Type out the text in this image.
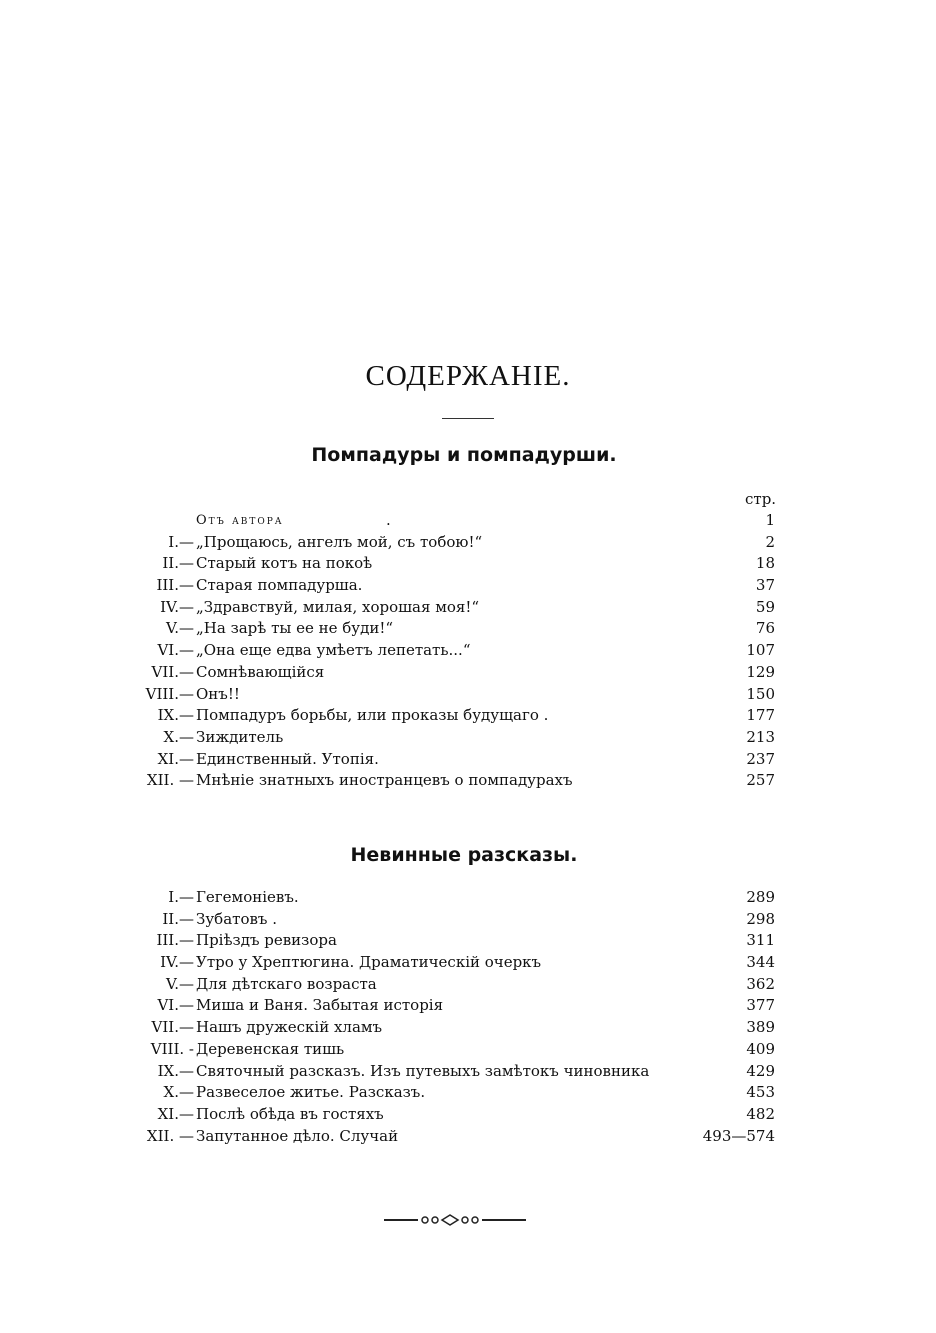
СОДЕРЖАНІЕ.
Помпадуры и помпадурши.
стр.
Отъ автора	.	1
I.— „Прощаюсь, ангелъ мой, съ тобою!“	2
II.— Старый котъ на покоѣ	18
III.— Старая помпадурша.	37
IV.— „Здравствуй, милая, хорошая моя!“	59
V.— „На зарѣ ты ее не буди!“	76
VI.— „Она еще едва умѣетъ лепетать...“	107
VII.— Сомнѣвающійся	129
VIII.— Онъ!!	150
IX.— Помпадуръ борьбы, или проказы будущаго .	177
X.— Зиждитель	213
XI.— Единственный. Утопія.	237
XII. — Мнѣніе знатныхъ иностранцевъ о помпадурахъ	257
Невинные разсказы.
I.— Гегемоніевъ.	289
II.— Зубатовъ .	298
III.— Пріѣздъ ревизора	311
IV.— Утро у Хрептюгина. Драматическій очеркъ	344
V.— Для дѣтскаго возраста	362
VI.— Миша и Ваня. Забытая исторія	377
VII.— Нашъ дружескій хламъ	389
VIII. - Деревенская тишь	409
IX.— Святочный разсказъ. Изъ путевыхъ замѣтокъ чиновника	429
X.— Развеселое житье. Разсказъ.	453
XI.— Послѣ обѣда въ гостяхъ	482
XII. — Запутанное дѣло. Случай	493—574
